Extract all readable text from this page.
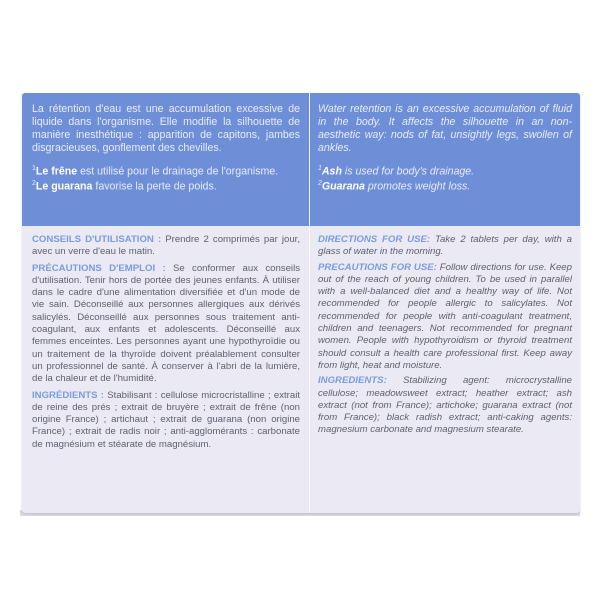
La rétention d'eau est une accumulation excessive de liquide dans l'organisme. Elle modifie la silhouette de manière inesthétique : apparition de capitons, jambes disgracieuses, gonflement des chevilles.

$^1$Le frêne est utilisé pour le drainage de l'organisme.

$^2$Le guarana favorise la perte de poids.

Water retention is an excessive accumulation of fluid in the body. It affects the silhouette in an non-aesthetic way: nods of fat, unsightly legs, swollen of ankles.

$^1$Ash is used for body's drainage.

$^2$Guarana promotes weight loss.

CONSEILS D'UTILISATION : Prendre 2 comprimés par jour, avec un verre d'eau le matin.

PRÉCAUTIONS D'EMPLOI : Se conformer aux conseils d'utilisation. Tenir hors de portée des jeunes enfants. À utiliser dans le cadre d'une alimentation diversifiée et d'un mode de vie sain. Déconseillé aux personnes allergiques aux dérivés salicylés. Déconseillé aux personnes sous traitement anti-coagulant, aux enfants et adolescents. Déconseillé aux femmes enceintes. Les personnes ayant une hypothyroïdie ou un traitement de la thyroïde doivent préalablement consulter un professionnel de santé. À conserver à l'abri de la lumière, de la chaleur et de l'humidité.

INGRÉDIENTS : Stabilisant : cellulose microcristalline ; extrait de reine des prés ; extrait de bruyère ; extrait de frêne (non origine France) ; artichaut ; extrait de guarana (non origine France) ; extrait de radis noir ; anti-agglomérants : carbonate de magnésium et stéarate de magnésium.

DIRECTIONS FOR USE: Take 2 tablets per day, with a glass of water in the morning.

PRECAUTIONS FOR USE: Follow directions for use. Keep out of the reach of young children. To be used in parallel with a well-balanced diet and a healthy way of life. Not recommended for people allergic to salicylates. Not recommended for people with anti-coagulant treatment, children and teenagers. Not recommended for pregnant women. People with hypothyroidism or thyroid treatment should consult a health care professional first. Keep away from light, heat and moisture.

INGREDIENTS: Stabilizing agent: microcrystalline cellulose; meadowsweet extract; heather extract; ash extract (not from France); artichoke; guarana extract (not from France); black radish extract; anti-caking agents: magnesium carbonate and magnesium stearate.
